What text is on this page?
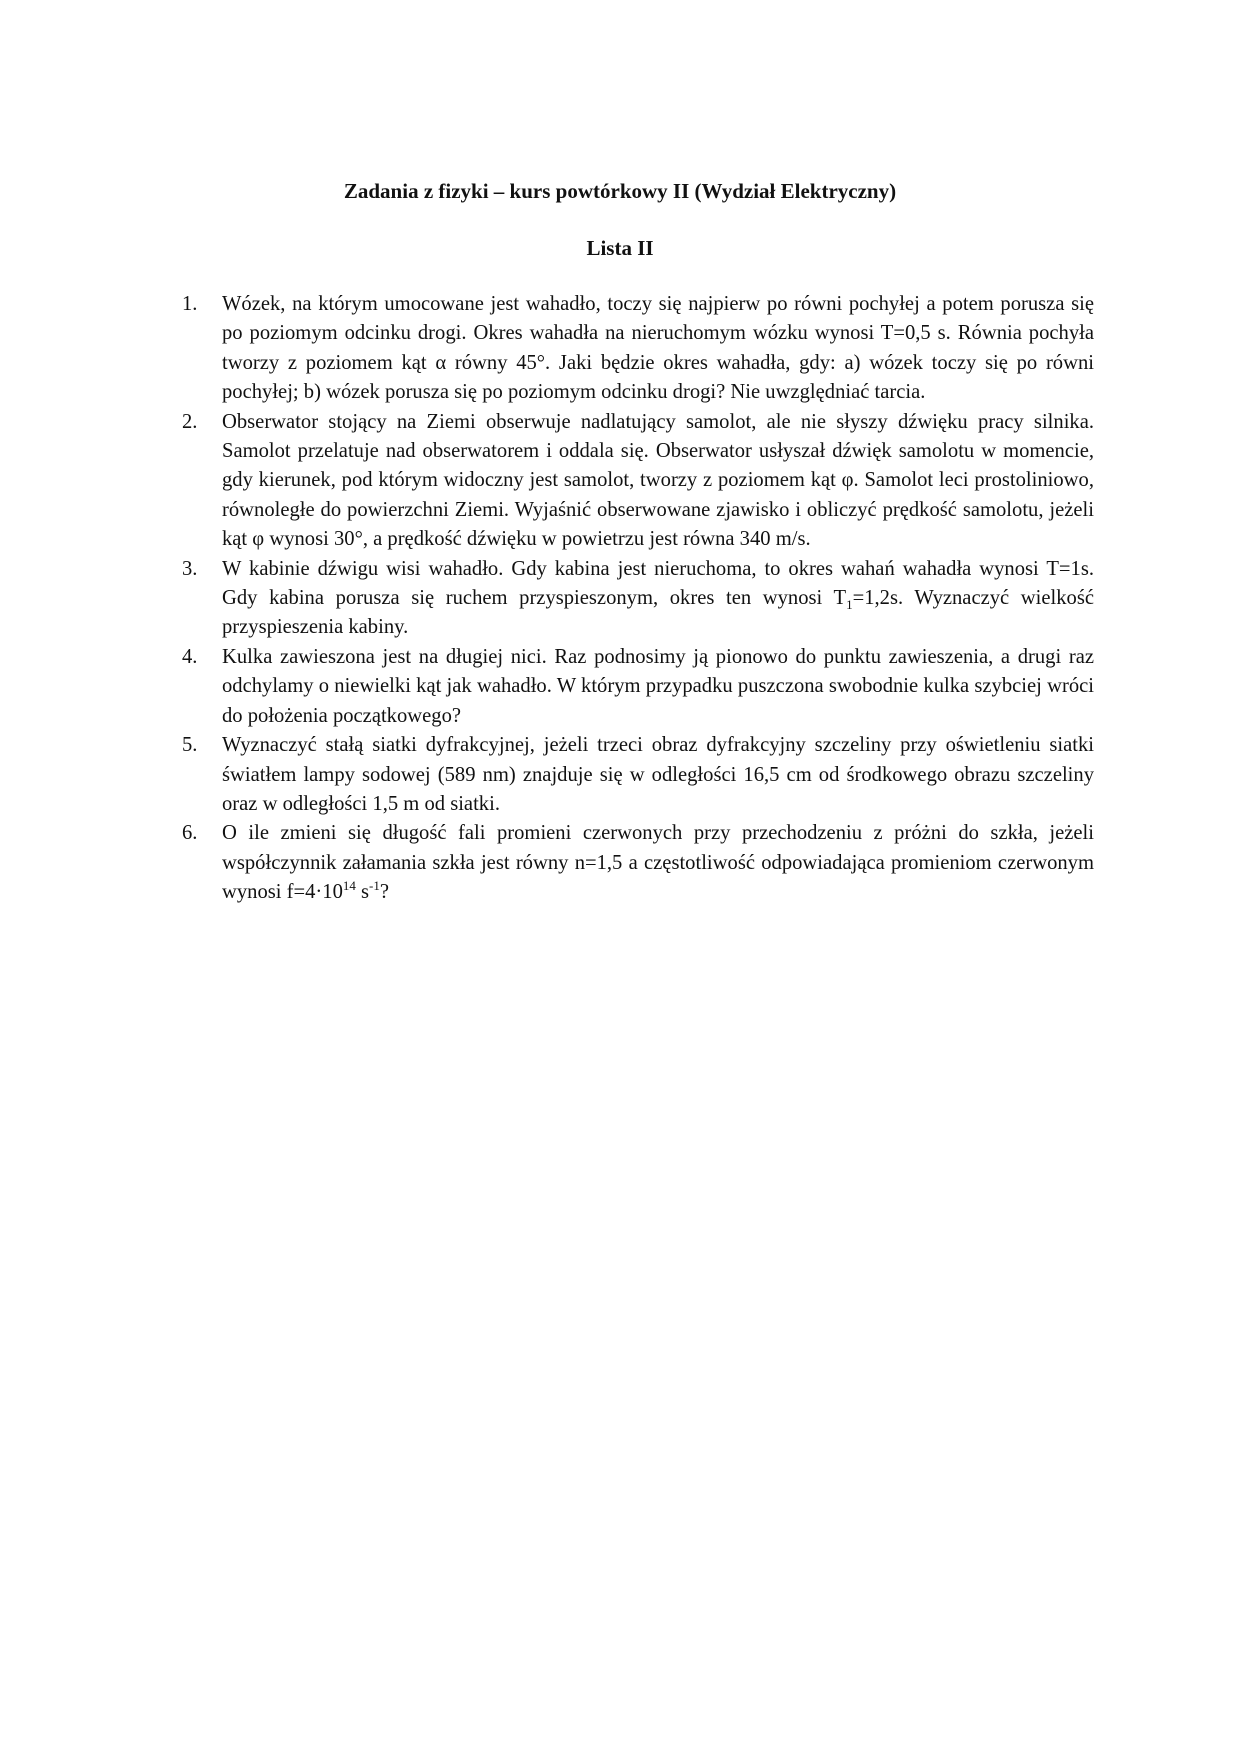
Zadania z fizyki – kurs powtórkowy II (Wydział Elektryczny)
Lista II
1. Wózek, na którym umocowane jest wahadło, toczy się najpierw po równi pochyłej a potem porusza się po poziomym odcinku drogi. Okres wahadła na nieruchomym wózku wynosi T=0,5 s. Równia pochyła tworzy z poziomem kąt α równy 45°. Jaki będzie okres wahadła, gdy: a) wózek toczy się po równi pochyłej; b) wózek porusza się po poziomym odcinku drogi? Nie uwzględniać tarcia.
2. Obserwator stojący na Ziemi obserwuje nadlatujący samolot, ale nie słyszy dźwięku pracy silnika. Samolot przelatuje nad obserwatorem i oddala się. Obserwator usłyszał dźwięk samolotu w momencie, gdy kierunek, pod którym widoczny jest samolot, tworzy z poziomem kąt φ. Samolot leci prostoliniowo, równoległe do powierzchni Ziemi. Wyjaśnić obserwowane zjawisko i obliczyć prędkość samolotu, jeżeli kąt φ wynosi 30°, a prędkość dźwięku w powietrzu jest równa 340 m/s.
3. W kabinie dźwigu wisi wahadło. Gdy kabina jest nieruchoma, to okres wahań wahadła wynosi T=1s. Gdy kabina porusza się ruchem przyspieszonym, okres ten wynosi $T_1=1,2s$. Wyznaczyć wielkość przyspieszenia kabiny.
4. Kulka zawieszona jest na długiej nici. Raz podnosimy ją pionowo do punktu zawieszenia, a drugi raz odchylamy o niewielki kąt jak wahadło. W którym przypadku puszczona swobodnie kulka szybciej wróci do położenia początkowego?
5. Wyznaczyć stałą siatki dyfrakcyjnej, jeżeli trzeci obraz dyfrakcyjny szczeliny przy oświetleniu siatki światłem lampy sodowej (589 nm) znajduje się w odległości 16,5 cm od środkowego obrazu szczeliny oraz w odległości 1,5 m od siatki.
6. O ile zmieni się długość fali promieni czerwonych przy przechodzeniu z próżni do szkła, jeżeli współczynnik załamania szkła jest równy n=1,5 a częstotliwość odpowiadająca promieniom czerwonym wynosi $f=4\cdot 10^{14}$ $s^{-1}$?
